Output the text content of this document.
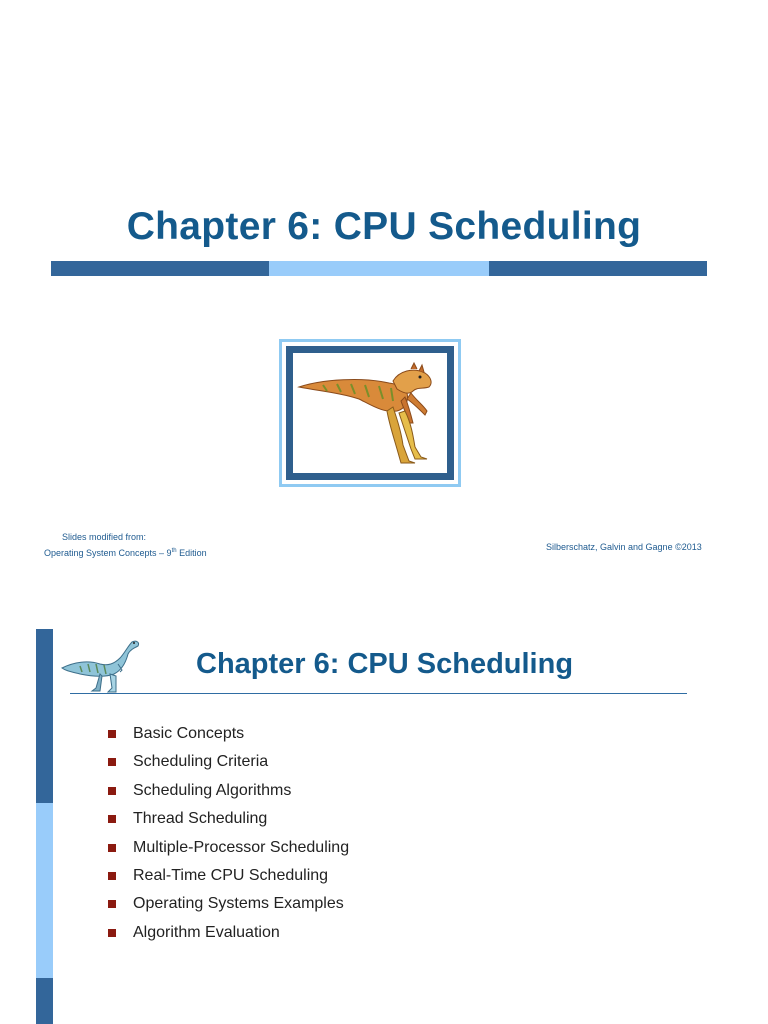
Chapter 6: CPU Scheduling
Slides modified from:
Operating System Concepts – 9th Edition
Silberschatz, Galvin and Gagne ©2013
Chapter 6: CPU Scheduling
Basic Concepts
Scheduling Criteria
Scheduling Algorithms
Thread Scheduling
Multiple-Processor Scheduling
Real-Time CPU Scheduling
Operating Systems Examples
Algorithm Evaluation
